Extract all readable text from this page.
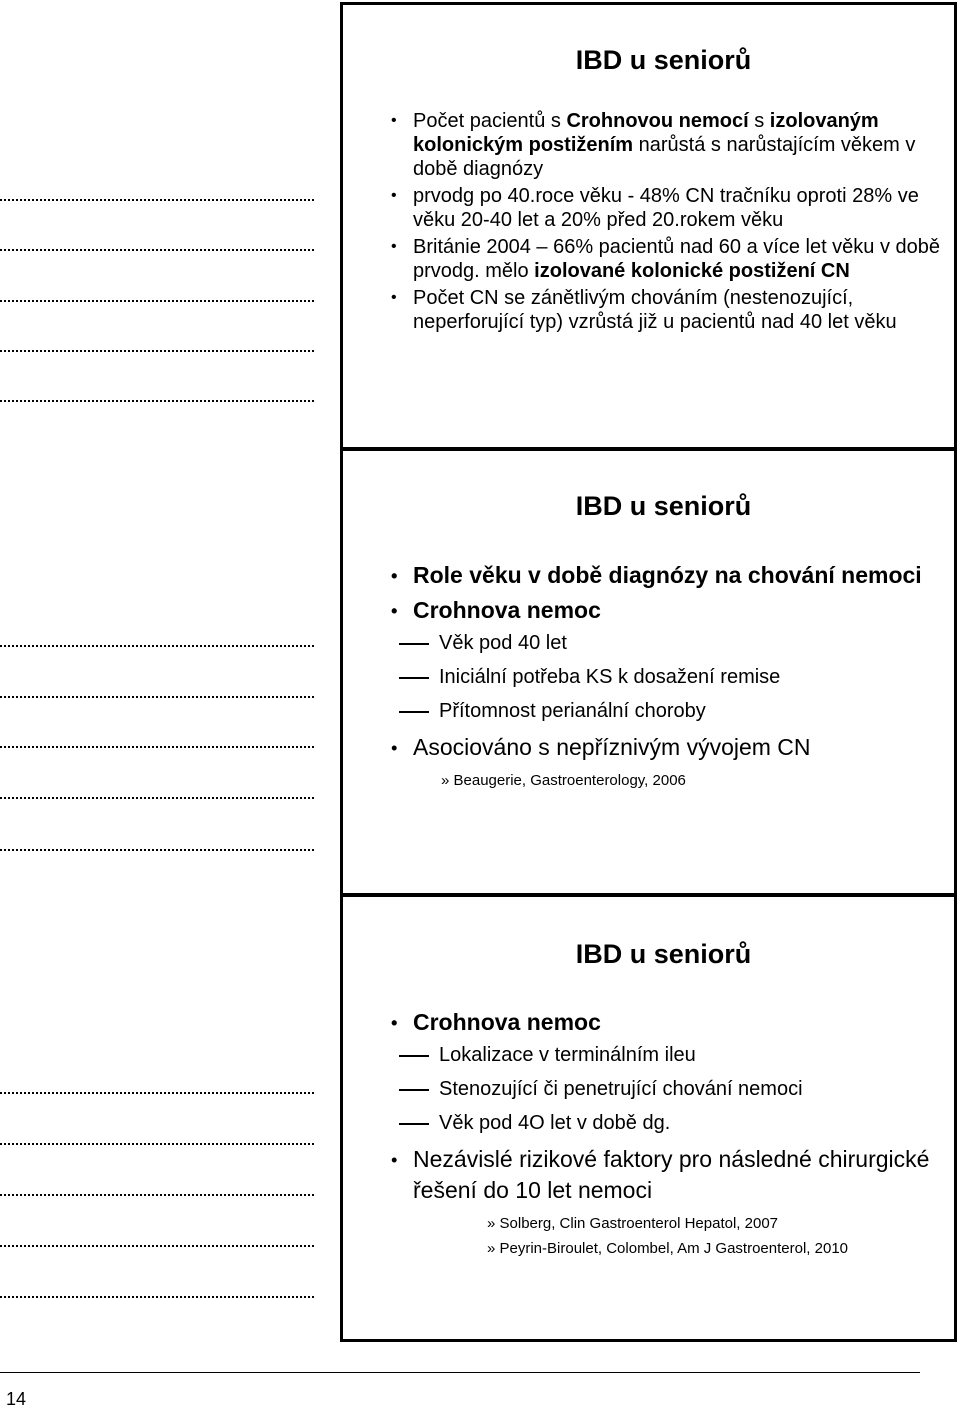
IBD u seniorů
• Počet pacientů s Crohnovou nemocí s izolovaným kolonickým postižením narůstá s narůstajícím věkem v době diagnózy
• prvodg po 40.roce věku - 48% CN tračníku oproti 28% ve věku 20-40 let a 20% před 20.rokem věku
• Británie 2004 – 66% pacientů nad 60 a více let věku v době prvodg. mělo izolované kolonické postižení CN
• Počet CN se zánětlivým chováním (nestenozující, neperforující typ) vzrůstá již u pacientů nad 40 let věku
IBD u seniorů
• Role věku v době diagnózy na chování nemoci
• Crohnova nemoc
Věk pod 40 let
Iniciální potřeba KS k dosažení remise
Přítomnost perianální choroby
• Asociováno s nepříznivým vývojem CN
» Beaugerie, Gastroenterology, 2006
IBD u seniorů
• Crohnova nemoc
Lokalizace v terminálním ileu
Stenozující či penetrující chování nemoci
Věk pod 4O let v době dg.
• Nezávislé rizikové faktory pro následné chirurgické řešení do 10 let nemoci
» Solberg, Clin Gastroenterol Hepatol, 2007
» Peyrin-Biroulet, Colombel, Am J Gastroenterol, 2010
14
